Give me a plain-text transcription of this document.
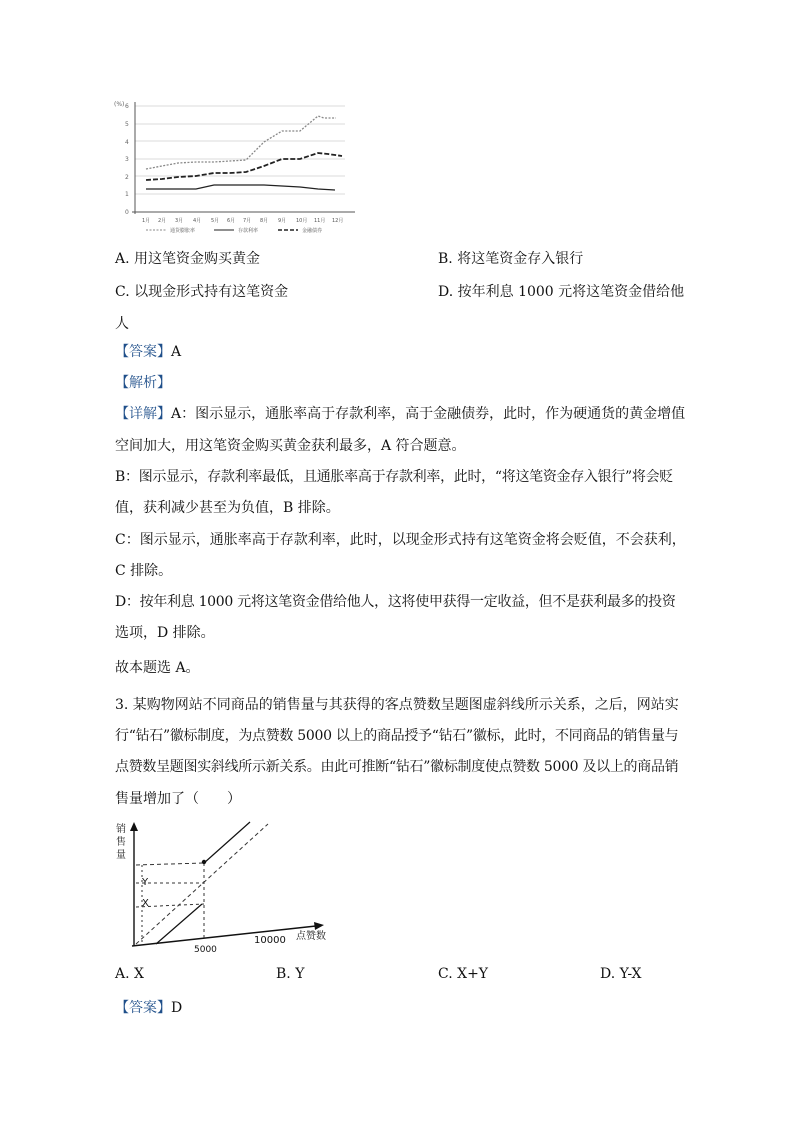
(%) 6
5
4
3
2
1
0
1月 2月 3月 4月 5月 6月 7月 8月 9月 10月 11月 12月
通货膨胀率	存款利率	金融债券
A. 用这笔资金购买黄金	B. 将这笔资金存入银行
C. 以现金形式持有这笔资金	D. 按年利息 1000 元将这笔资金借给他
人
【答案】A
【解析】
【详解】A：图示显示，通胀率高于存款利率，高于金融债券，此时，作为硬通货的黄金增值
空间加大，用这笔资金购买黄金获利最多，A 符合题意。
B：图示显示，存款利率最低，且通胀率高于存款利率，此时，“将这笔资金存入银行”将会贬
值，获利减少甚至为负值，B 排除。
C：图示显示，通胀率高于存款利率，此时，以现金形式持有这笔资金将会贬值，不会获利，
C 排除。
D：按年利息 1000 元将这笔资金借给他人，这将使甲获得一定收益，但不是获利最多的投资
选项，D 排除。
故本题选 A。
3. 某购物网站不同商品的销售量与其获得的客点赞数呈题图虚斜线所示关系，之后，网站实
行“钻石”徽标制度，为点赞数 5000 以上的商品授予“钻石”徽标，此时，不同商品的销售量与
点赞数呈题图实斜线所示新关系。由此可推断“钻石”徽标制度使点赞数 5000 及以上的商品销
售量增加了（　　）
销
售
量
Y
X
5000
10000 点赞数
A. X	B. Y	C. X+Y	D. Y-X
【答案】D
